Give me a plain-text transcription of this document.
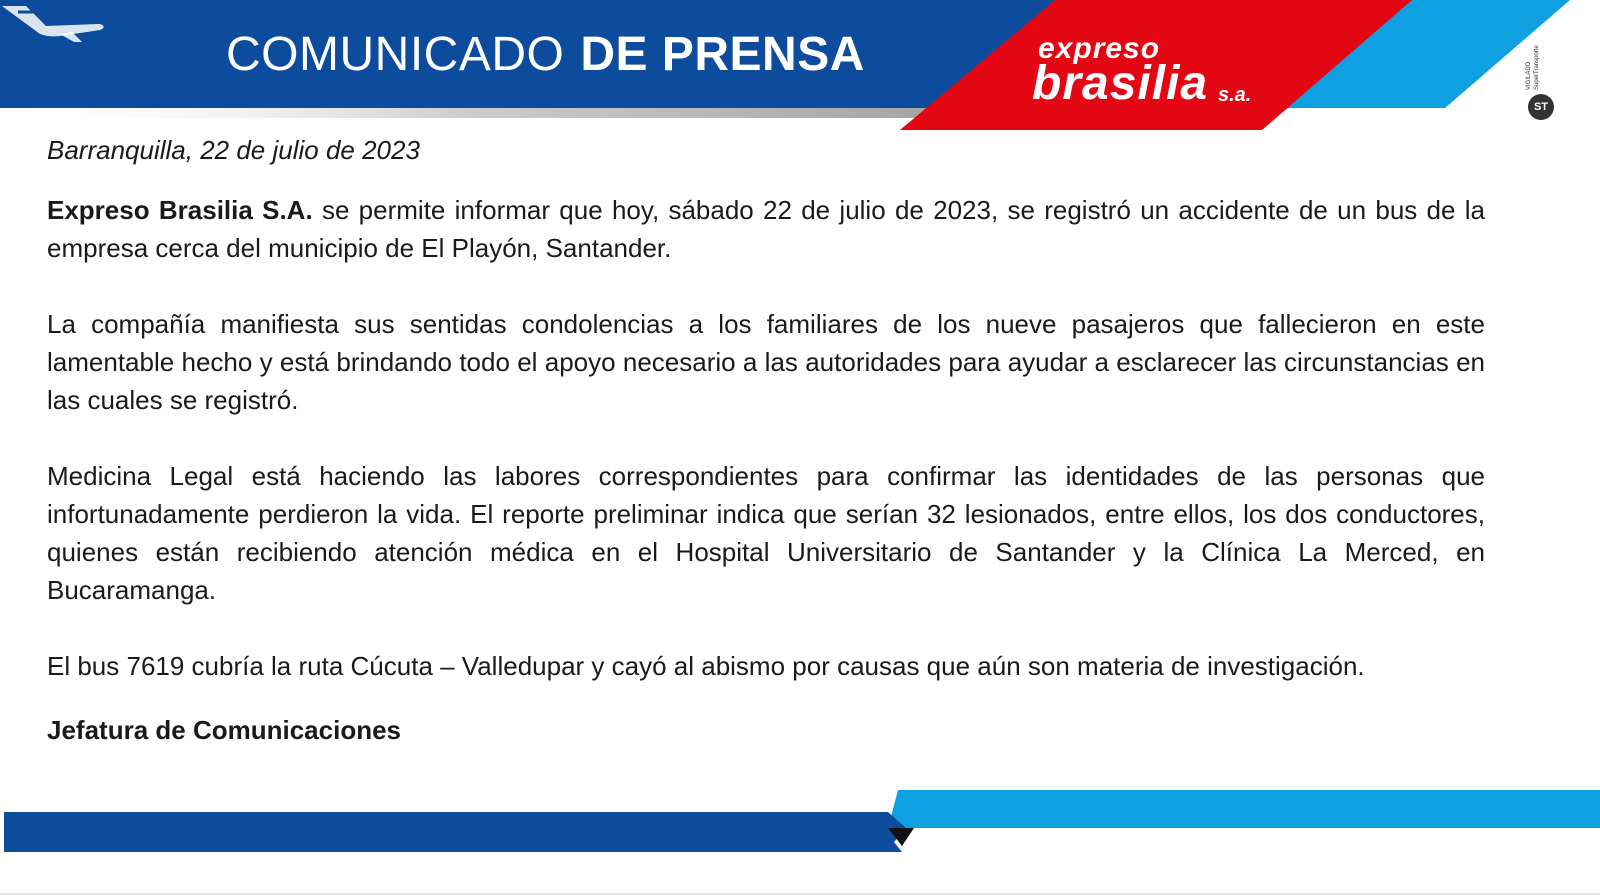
COMUNICADO DE PRENSA	expreso
brasilia s.a.
VIGILADO SuperTransporte
ST

Barranquilla, 22 de julio de 2023

Expreso Brasilia S.A. se permite informar que hoy, sábado 22 de julio de 2023, se registró un accidente de un bus de la empresa cerca del municipio de El Playón, Santander.

La compañía manifiesta sus sentidas condolencias a los familiares de los nueve pasajeros que fallecieron en este lamentable hecho y está brindando todo el apoyo necesario a las autoridades para ayudar a esclarecer las circunstancias en las cuales se registró.

Medicina Legal está haciendo las labores correspondientes para confirmar las identidades de las personas que infortunadamente perdieron la vida. El reporte preliminar indica que serían 32 lesionados, entre ellos, los dos conductores, quienes están recibiendo atención médica en el Hospital Universitario de Santander y la Clínica La Merced, en Bucaramanga.

El bus 7619 cubría la ruta Cúcuta – Valledupar y cayó al abismo por causas que aún son materia de investigación.

Jefatura de Comunicaciones
